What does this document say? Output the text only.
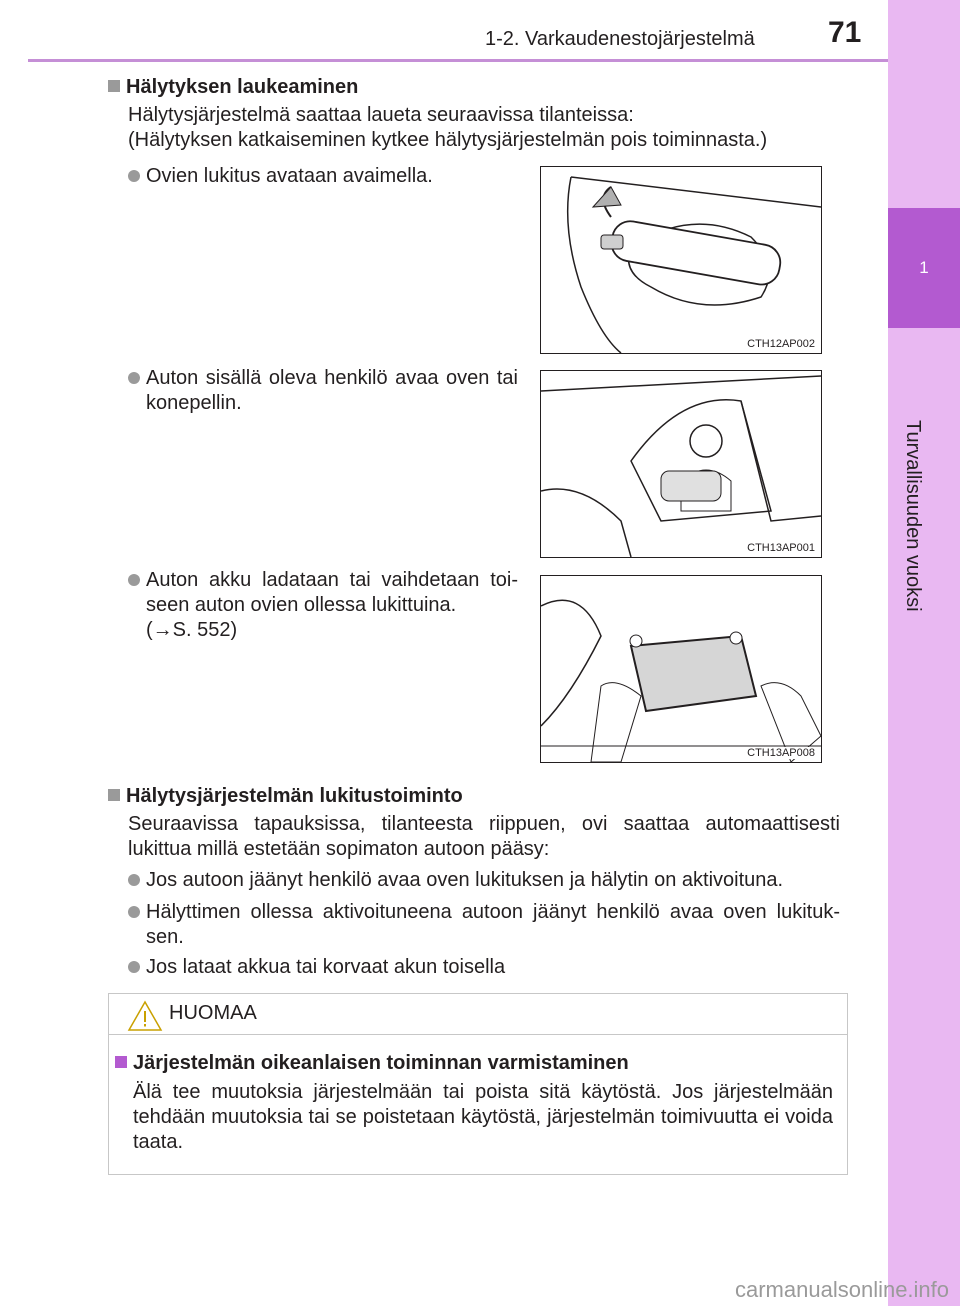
1-2. Varkaudenestojärjestelmä 71
1
Turvallisuuden vuoksi
Hälytyksen laukeaminen
Hälytysjärjestelmä saattaa laueta seuraavissa tilanteissa:
(Hälytyksen katkaiseminen kytkee hälytysjärjestelmän pois toiminnasta.)
Ovien lukitus avataan avaimella.
CTH12AP002
Auton sisällä oleva henkilö avaa oven tai konepellin.
CTH13AP001
Auton akku ladataan tai vaihdetaan toi-seen auton ovien ollessa lukittuina.
(→S. 552)
CTH13AP008
Hälytysjärjestelmän lukitustoiminto
Seuraavissa tapauksissa, tilanteesta riippuen, ovi saattaa automaattisesti lukittua millä estetään sopimaton autoon pääsy:
Jos autoon jäänyt henkilö avaa oven lukituksen ja hälytin on aktivoituna.
Hälyttimen ollessa aktivoituneena autoon jäänyt henkilö avaa oven lukituk-sen.
Jos lataat akkua tai korvaat akun toisella
HUOMAA
Järjestelmän oikeanlaisen toiminnan varmistaminen
Älä tee muutoksia järjestelmään tai poista sitä käytöstä. Jos järjestelmään tehdään muutoksia tai se poistetaan käytöstä, järjestelmän toimivuutta ei voida taata.
carmanualsonline.info
